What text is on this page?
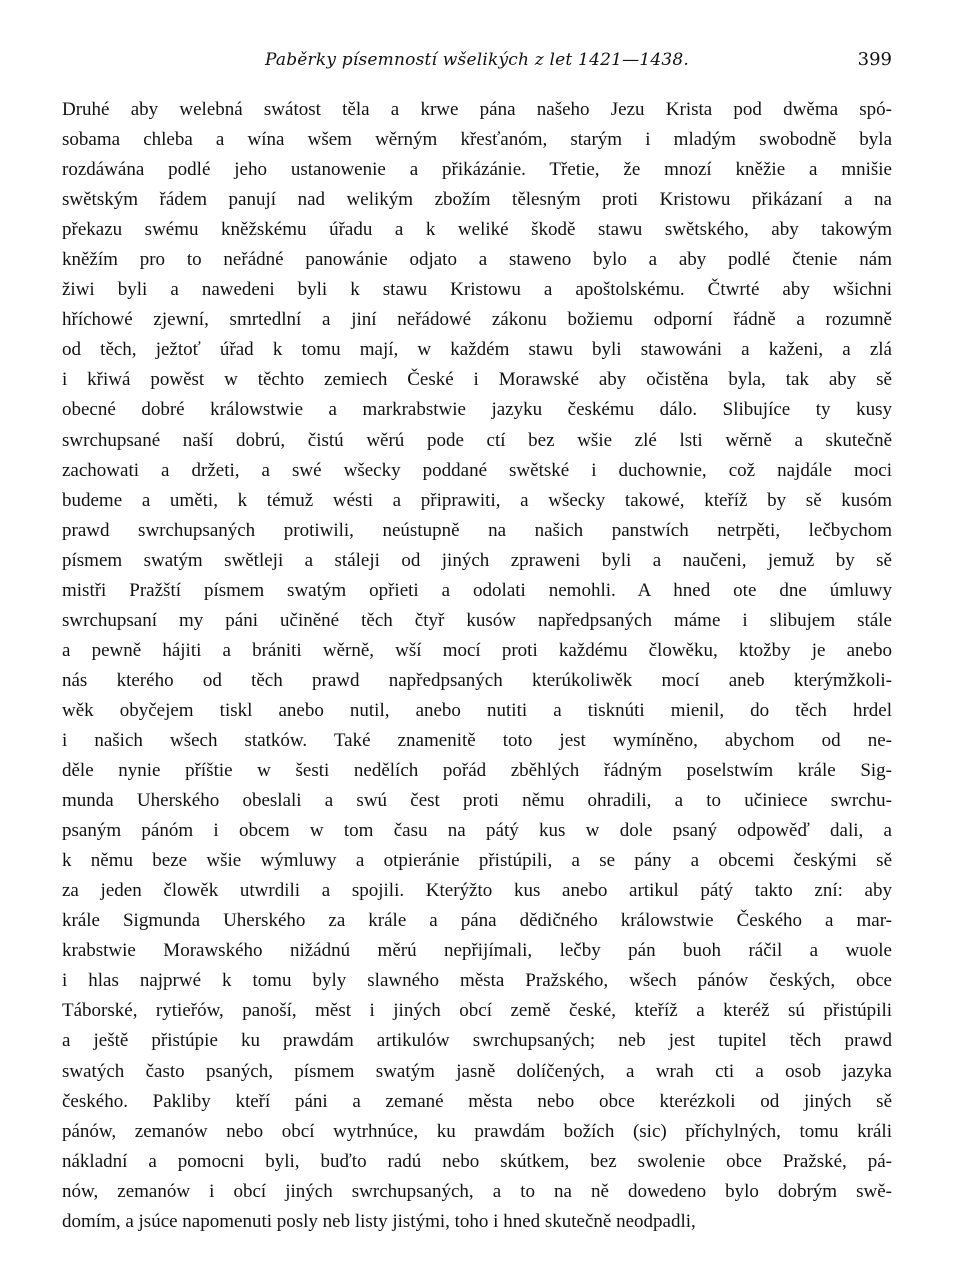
Paběrky písemností wšelikých z let 1421—1438.	399
Druhé aby welebná swátost těla a krwe pána našeho Jezu Krista pod dwěma spó-
sobama chleba a wína wšem wěrným křesťanóm, starým i mladým swobodně byla
rozdáwána podlé jeho ustanowenie a přikázánie. Třetie, že mnozí kněžie a mnišie
swětským řádem panují nad welikým zbožím tělesným proti Kristowu přikázaní a na
překazu swému kněžskému úřadu a k weliké škodě stawu swětského, aby takowým
kněžím pro to neřádné panowánie odjato a staweno bylo a aby podlé čtenie nám
žiwi byli a nawedeni byli k stawu Kristowu a apoštolskému. Čtwrté aby wšichni
hříchowé zjewní, smrtedlní a jiní neřádowé zákonu božiemu odporní řádně a rozumně
od těch, ježtoť úřad k tomu mají, w každém stawu byli stawowáni a kaženi, a zlá
i křiwá powěst w těchto zemiech České i Morawské aby očistěna byla, tak aby sě
obecné dobré králowstwie a markrabstwie jazyku českému dálo. Slibujíce ty kusy
swrchupsané naší dobrú, čistú wěrú pode ctí bez wšie zlé lsti wěrně a skutečně
zachowati a držeti, a swé wšecky poddané swětské i duchownie, což najdále moci
budeme a uměti, k témuž wésti a připrawiti, a wšecky takowé, kteříž by sě kusóm
prawd swrchupsaných protiwili, neústupně na našich panstwích netrpěti, lečbychom
písmem swatým swětleji a stáleji od jiných zpraweni byli a naučeni, jemuž by sě
mistři Pražští písmem swatým opřieti a odolati nemohli. A hned ote dne úmluwy
swrchupsaní my páni učiněné těch čtyř kusów napředpsaných máme i slibujem stále
a pewně hájiti a brániti wěrně, wší mocí proti každému člowěku, ktožby je anebo
nás kterého od těch prawd napředpsaných kterúkoliwěk mocí aneb kterýmžkoli-
wěk obyčejem tiskl anebo nutil, anebo nutiti a tisknúti mienil, do těch hrdel
i našich wšech statków. Také znamenitě toto jest wymíněno, abychom od ne-
děle nynie příštie w šesti nedělích pořád zběhlých řádným poselstwím krále Sig-
munda Uherského obeslali a swú čest proti němu ohradili, a to učiniece swrchu-
psaným pánóm i obcem w tom času na pátý kus w dole psaný odpowěď dali, a
k němu beze wšie wýmluwy a otpieránie přistúpili, a se pány a obcemi českými sě
za jeden člowěk utwrdili a spojili. Kterýžto kus anebo artikul pátý takto zní: aby
krále Sigmunda Uherského za krále a pána dědičného králowstwie Českého a mar-
krabstwie Morawského nižádnú měrú nepřijímali, lečby pán buoh ráčil a wuole
i hlas najprwé k tomu byly slawného města Pražského, wšech pánów českých, obce
Táborské, rytieřów, panoší, měst i jiných obcí země české, kteříž a kteréž sú přistúpili
a ještě přistúpie ku prawdám artikulów swrchupsaných; neb jest tupitel těch prawd
swatých často psaných, písmem swatým jasně dolíčených, a wrah cti a osob jazyka
českého. Pakliby kteří páni a zemané města nebo obce kterézkoli od jiných sě
pánów, zemanów nebo obcí wytrhnúce, ku prawdám božích (sic) příchylných, tomu králi
nákladní a pomocni byli, buďto radú nebo skútkem, bez swolenie obce Pražské, pá-
nów, zemanów i obcí jiných swrchupsaných, a to na ně dowedeno bylo dobrým swě-
domím, a jsúce napomenuti posly neb listy jistými, toho i hned skutečně neodpadli,
